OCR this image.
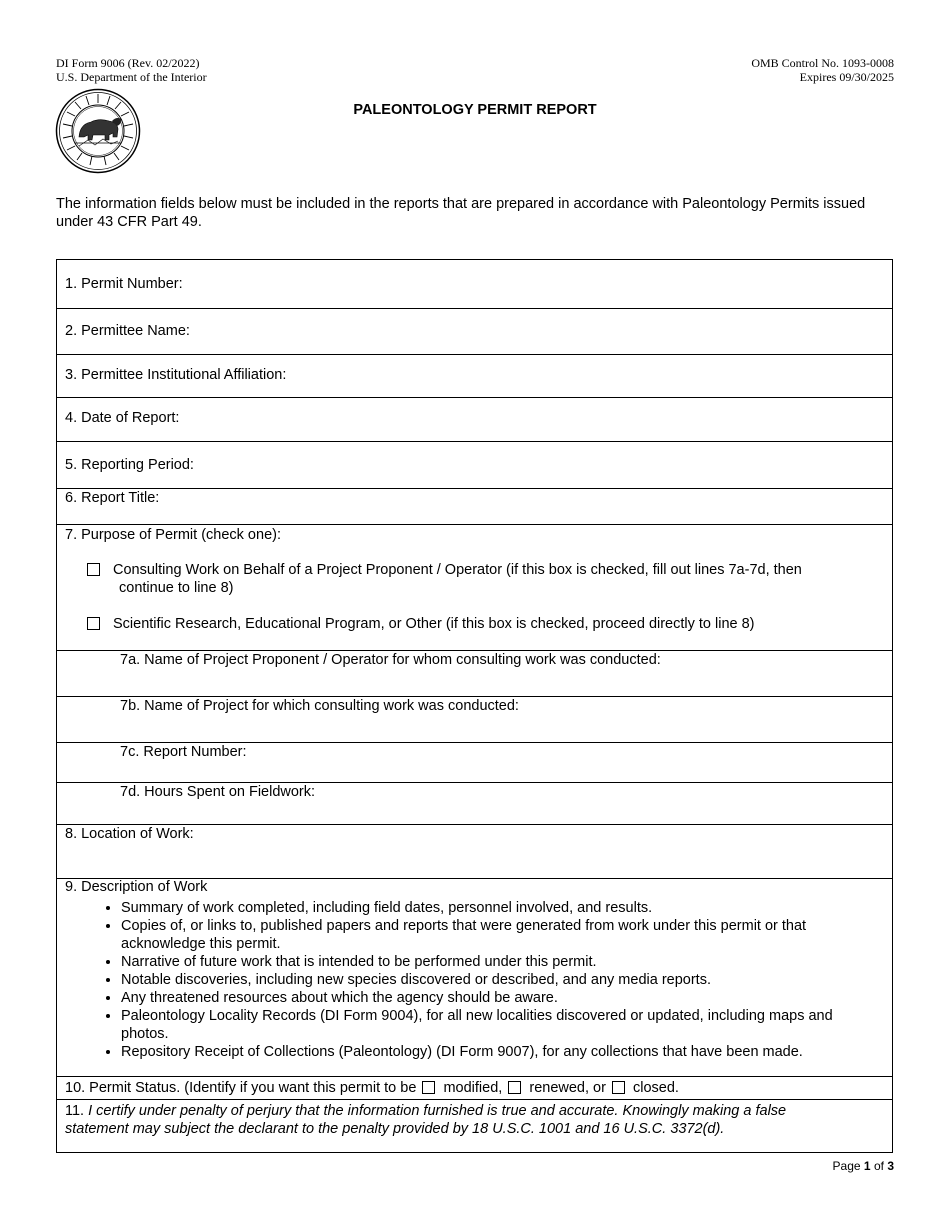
DI Form 9006 (Rev. 02/2022)
U.S. Department of the Interior
OMB Control No. 1093-0008
Expires 09/30/2025
PALEONTOLOGY PERMIT REPORT
The information fields below must be included in the reports that are prepared in accordance with Paleontology Permits issued under 43 CFR Part 49.
1. Permit Number:
2. Permittee Name:
3. Permittee Institutional Affiliation:
4. Date of Report:
5. Reporting Period:
6. Report Title:
7. Purpose of Permit (check one):
Consulting Work on Behalf of a Project Proponent / Operator (if this box is checked, fill out lines 7a-7d, then
continue to line 8)
Scientific Research, Educational Program, or Other (if this box is checked, proceed directly to line 8)
7a. Name of Project Proponent / Operator for whom consulting work was conducted:
7b. Name of Project for which consulting work was conducted:
7c. Report Number:
7d. Hours Spent on Fieldwork:
8. Location of Work:
9. Description of Work
• Summary of work completed, including field dates, personnel involved, and results.
• Copies of, or links to, published papers and reports that were generated from work under this permit or that acknowledge this permit.
• Narrative of future work that is intended to be performed under this permit.
• Notable discoveries, including new species discovered or described, and any media reports.
• Any threatened resources about which the agency should be aware.
• Paleontology Locality Records (DI Form 9004), for all new localities discovered or updated, including maps and photos.
• Repository Receipt of Collections (Paleontology) (DI Form 9007), for any collections that have been made.
10. Permit Status. (Identify if you want this permit to be modified, renewed, or closed.
11. I certify under penalty of perjury that the information furnished is true and accurate. Knowingly making a false statement may subject the declarant to the penalty provided by 18 U.S.C. 1001 and 16 U.S.C. 3372(d).
Page 1 of 3
